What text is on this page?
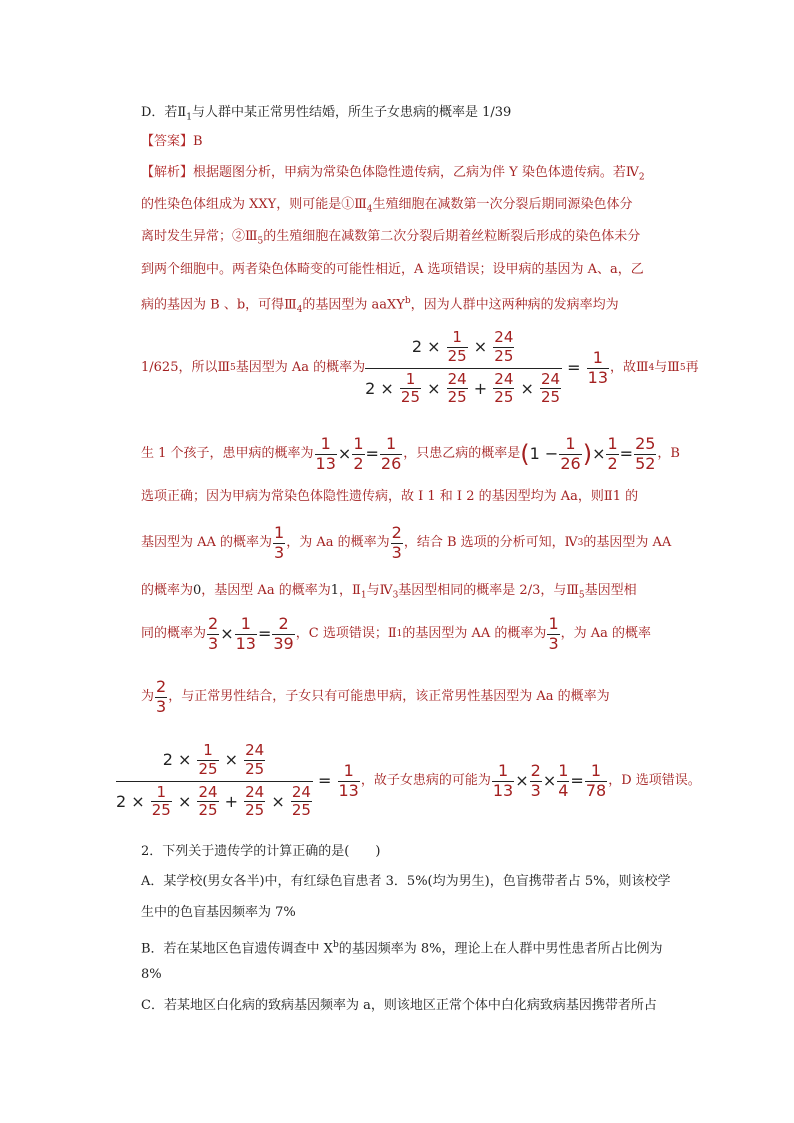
D．若$Ⅱ_1$与人群中某正常男性结婚，所生子女患病的概率是 1/39
【答案】B
【解析】根据题图分析，甲病为常染色体隐性遗传病，乙病为伴 Y 染色体遗传病。若$Ⅳ_2$
的性染色体组成为 XXY，则可能是$①Ⅲ_4$生殖细胞在减数第一次分裂后期同源染色体分
离时发生异常；$②Ⅲ_5$的生殖细胞在减数第二次分裂后期着丝粒断裂后形成的染色体未分
到两个细胞中。两者染色体畸变的可能性相近，A 选项错误；设甲病的基因为 A、a，乙
病的基因为 B 、b，可得$Ⅲ_4$的基因型为 aaXY$^b$，因为人群中这两种病的发病率均为
1/625，所以Ⅲ 5 基因型为 Aa 的概率为
$2 \times \frac{1}{25} \times \frac{24}{25}$
$2 \times \frac{1}{25} \times \frac{24}{25} + \frac{24}{25} \times \frac{24}{25}$
= $\frac{1}{13}$ ，故Ⅲ 4 与Ⅲ 5 再
生 1 个孩子，患甲病的概率为 $\frac{1}{13} \times \frac{1}{2} = \frac{1}{26}$ ，只患乙病的概率是 ( $1 - \frac{1}{26}$ ) × $\frac{1}{2} = \frac{25}{52}$ ，B
选项正确；因为甲病为常染色体隐性遗传病，故 I 1 和 I 2 的基因型均为 Aa，则Ⅱ1 的
基因型为 AA 的概率为 $\frac{1}{3}$ ，为 Aa 的概率为 $\frac{2}{3}$ ，结合 B 选项的分析可知，Ⅳ 3 的基因型为 AA
的概率为0，基因型 Aa 的概率为1，$Ⅱ_1$与$Ⅳ_3$基因型相同的概率是 2/3，与$Ⅲ_5$基因型相
同的概率为 $\frac{2}{3} \times \frac{1}{13} = \frac{2}{39}$ ，C 选项错误；Ⅱ 1 的基因型为 AA 的概率为 $\frac{1}{3}$ ，为 Aa 的概率
为 $\frac{2}{3}$ ，与正常男性结合，子女只有可能患甲病，该正常男性基因型为 Aa 的概率为
$2 \times \frac{1}{25} \times \frac{24}{25}$
$2 \times \frac{1}{25} \times \frac{24}{25} + \frac{24}{25} \times \frac{24}{25}$
= $\frac{1}{13}$ ，故子女患病的可能为 $\frac{1}{13} \times \frac{2}{3} \times \frac{1}{4} = \frac{1}{78}$ ，D 选项错误。
2．下列关于遗传学的计算正确的是(　　)
A．某学校(男女各半)中，有红绿色盲患者 3．5%(均为男生)，色盲携带者占 5%，则该校学
生中的色盲基因频率为 7%
B．若在某地区色盲遗传调查中 $X^b$的基因频率为 8%，理论上在人群中男性患者所占比例为
8%
C．若某地区白化病的致病基因频率为 a，则该地区正常个体中白化病致病基因携带者所占
